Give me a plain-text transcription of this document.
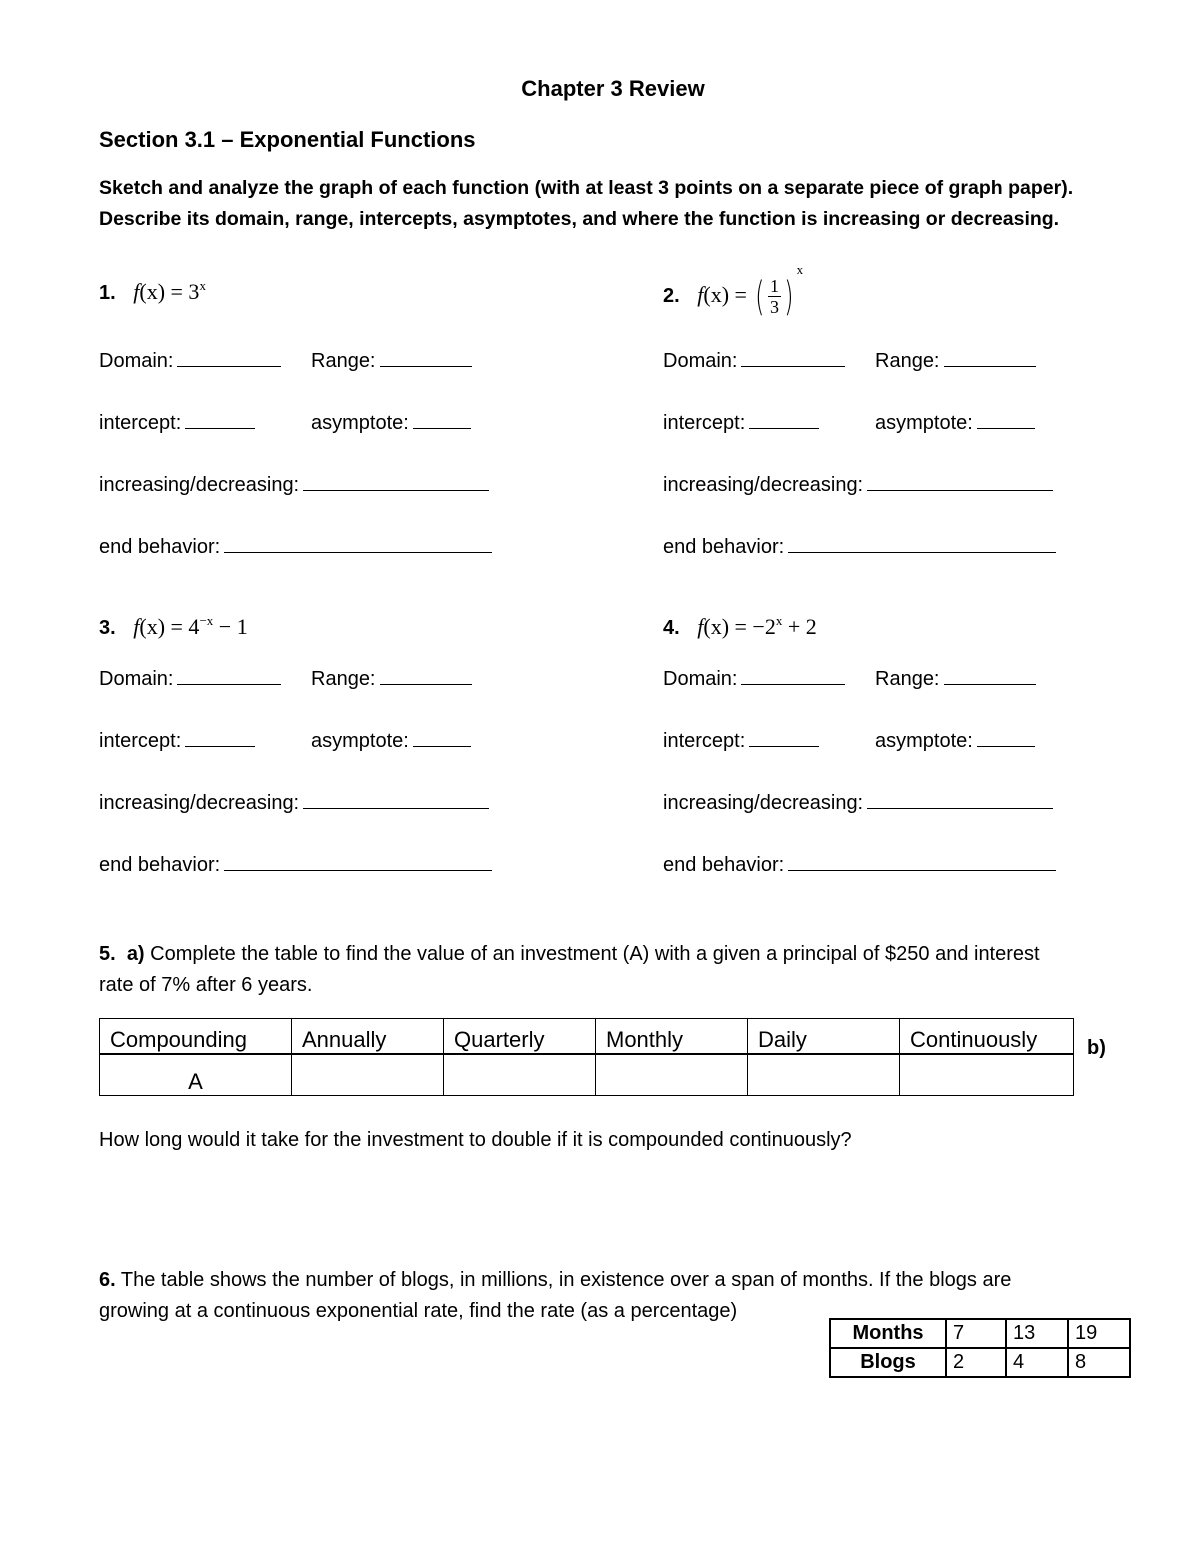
Chapter 3 Review
Section 3.1 – Exponential Functions
Sketch and analyze the graph of each function (with at least 3 points on a separate piece of graph paper).
Describe its domain, range, intercepts, asymptotes, and where the function is increasing or decreasing.
1. $f(x) = 3^x$	2. f(x) = ( $\frac{1}{3} )^x$
3. $f(x) = 4^{-x} - 1$	4. $f(x) = -2^x + 2$
Domain:	Range:
intercept:	asymptote:
increasing/decreasing:
end behavior:
Domain:	Range:
intercept:	asymptote:
increasing/decreasing:
end behavior:
Domain:	Range:
intercept:	asymptote:
increasing/decreasing:
end behavior:
Domain:	Range:
intercept:	asymptote:
increasing/decreasing:
end behavior:
5. a) Complete the table to find the value of an investment (A) with a given a principal of $250 and interest
rate of 7% after 6 years.
Compounding	Annually	Quarterly	Monthly	Daily	Continuously
A					
b)
How long would it take for the investment to double if it is compounded continuously?
6. The table shows the number of blogs, in millions, in existence over a span of months. If the blogs are
growing at a continuous exponential rate, find the rate (as a percentage)
Months	7	13	19
Blogs	2	4	8
